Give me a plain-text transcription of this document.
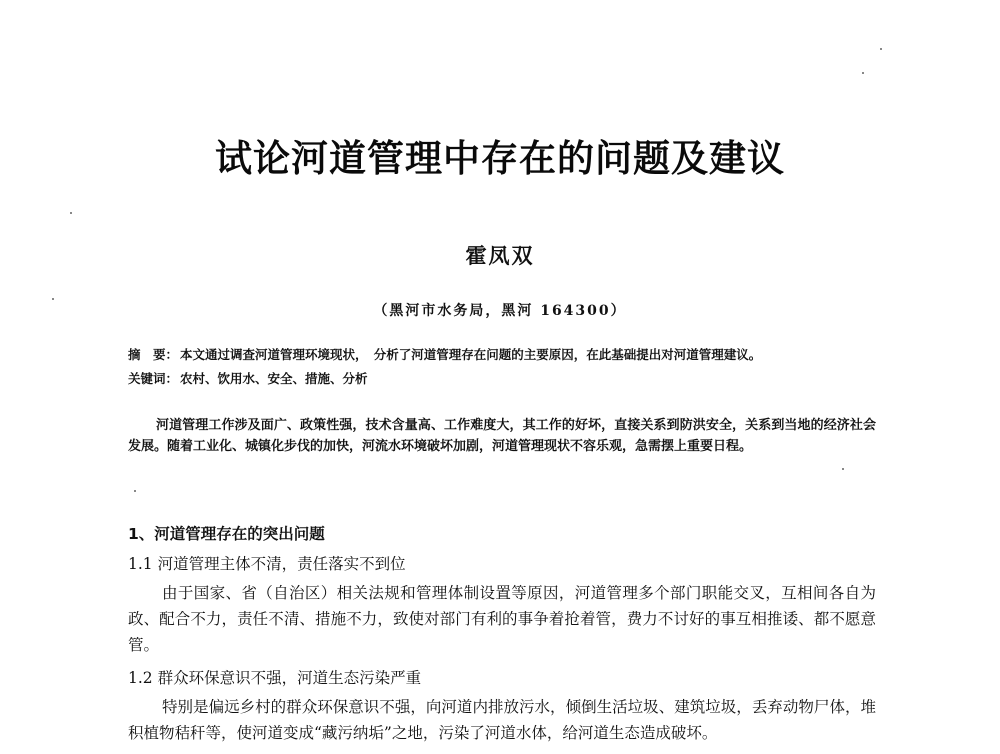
试论河道管理中存在的问题及建议
霍凤双
（黑河市水务局，黑河 164300）
摘　要： 本文通过调查河道管理环境现状，　分析了河道管理存在问题的主要原因，在此基础提出对河道管理建议。
关键词： 农村、饮用水、安全、措施、分析
河道管理工作涉及面广、政策性强，技术含量高、工作难度大，其工作的好坏，直接关系到防洪安全，关系到当地的经济社会发展。随着工业化、城镇化步伐的加快，河流水环境破坏加剧，河道管理现状不容乐观，急需摆上重要日程。
1、河道管理存在的突出问题
1.1 河道管理主体不清，责任落实不到位
由于国家、省（自治区）相关法规和管理体制设置等原因，河道管理多个部门职能交叉，互相间各自为政、配合不力，责任不清、措施不力，致使对部门有利的事争着抢着管，费力不讨好的事互相推诿、都不愿意管。
1.2 群众环保意识不强，河道生态污染严重
特别是偏远乡村的群众环保意识不强，向河道内排放污水，倾倒生活垃圾、建筑垃圾，丢弃动物尸体，堆积植物秸秆等，使河道变成“藏污纳垢”之地，污染了河道水体，给河道生态造成破坏。
